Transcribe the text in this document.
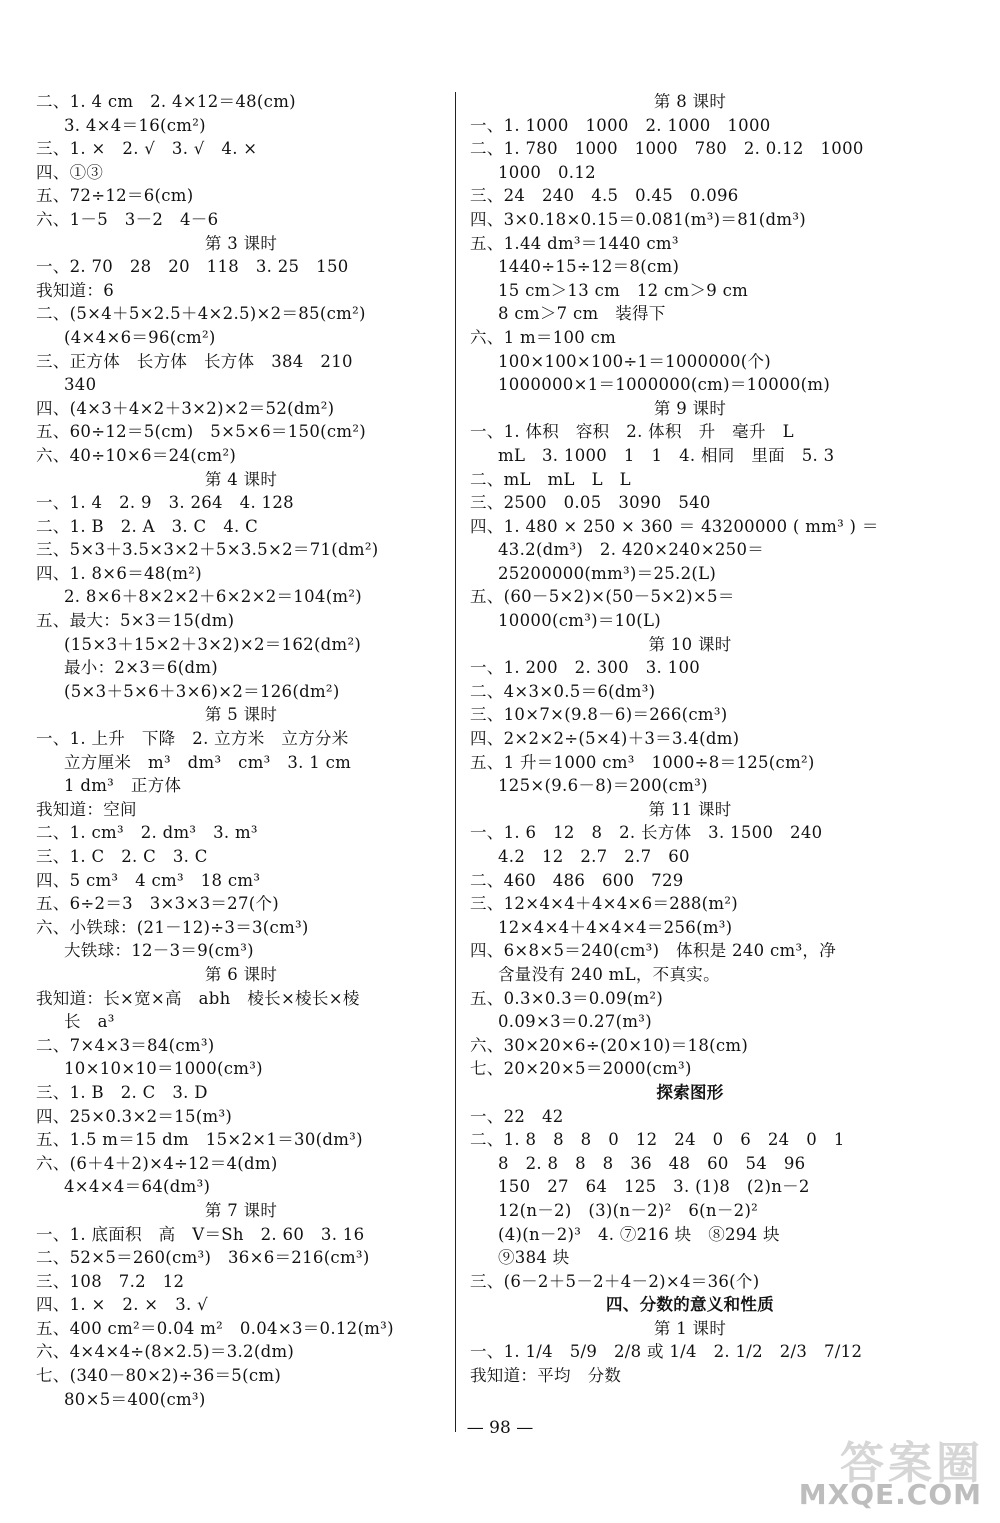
二、1. 4 cm　2. 4×12＝48(cm)
3. 4×4＝16(cm²)
三、1. ×　2. √　3. √　4. ×
四、①③
五、72÷12＝6(cm)
六、1－5　3－2　4－6
第 3 课时
一、2. 70　28　20　118　3. 25　150
我知道：6
二、(5×4＋5×2.5＋4×2.5)×2＝85(cm²)
(4×4×6＝96(cm²)
三、正方体　长方体　长方体　384　210
340
四、(4×3＋4×2＋3×2)×2＝52(dm²)
五、60÷12＝5(cm)　5×5×6＝150(cm²)
六、40÷10×6＝24(cm²)
第 4 课时
一、1. 4　2. 9　3. 264　4. 128
二、1. B　2. A　3. C　4. C
三、5×3＋3.5×3×2＋5×3.5×2＝71(dm²)
四、1. 8×6＝48(m²)
2. 8×6＋8×2×2＋6×2×2＝104(m²)
五、最大：5×3＝15(dm)
(15×3＋15×2＋3×2)×2＝162(dm²)
最小：2×3＝6(dm)
(5×3＋5×6＋3×6)×2＝126(dm²)
第 5 课时
一、1. 上升　下降　2. 立方米　立方分米
立方厘米　m³　dm³　cm³　3. 1 cm
1 dm³　正方体
我知道：空间
二、1. cm³　2. dm³　3. m³
三、1. C　2. C　3. C
四、5 cm³　4 cm³　18 cm³
五、6÷2＝3　3×3×3＝27(个)
六、小铁球：(21－12)÷3＝3(cm³)
大铁球：12－3＝9(cm³)
第 6 课时
我知道：长×宽×高　abh　棱长×棱长×棱
长　a³
二、7×4×3＝84(cm³)
10×10×10＝1000(cm³)
三、1. B　2. C　3. D
四、25×0.3×2＝15(m³)
五、1.5 m＝15 dm　15×2×1＝30(dm³)
六、(6＋4＋2)×4÷12＝4(dm)
4×4×4＝64(dm³)
第 7 课时
一、1. 底面积　高　V＝Sh　2. 60　3. 16
二、52×5＝260(cm³)　36×6＝216(cm³)
三、108　7.2　12
四、1. ×　2. ×　3. √
五、400 cm²＝0.04 m²　0.04×3＝0.12(m³)
六、4×4×4÷(8×2.5)＝3.2(dm)
七、(340－80×2)÷36＝5(cm)
80×5＝400(cm³)
第 8 课时
一、1. 1000　1000　2. 1000　1000
二、1. 780　1000　1000　780　2. 0.12　1000
1000　0.12
三、24　240　4.5　0.45　0.096
四、3×0.18×0.15＝0.081(m³)＝81(dm³)
五、1.44 dm³＝1440 cm³
1440÷15÷12＝8(cm)
15 cm＞13 cm　12 cm＞9 cm
8 cm＞7 cm　装得下
六、1 m＝100 cm
100×100×100÷1＝1000000(个)
1000000×1＝1000000(cm)＝10000(m)
第 9 课时
一、1. 体积　容积　2. 体积　升　毫升　L
mL　3. 1000　1　1　4. 相同　里面　5. 3
二、mL　mL　L　L
三、2500　0.05　3090　540
四、1. 480 × 250 × 360 ＝ 43200000 ( mm³ ) ＝
43.2(dm³)　2. 420×240×250＝
25200000(mm³)＝25.2(L)
五、(60－5×2)×(50－5×2)×5＝
10000(cm³)＝10(L)
第 10 课时
一、1. 200　2. 300　3. 100
二、4×3×0.5＝6(dm³)
三、10×7×(9.8－6)＝266(cm³)
四、2×2×2÷(5×4)＋3＝3.4(dm)
五、1 升＝1000 cm³　1000÷8＝125(cm²)
125×(9.6－8)＝200(cm³)
第 11 课时
一、1. 6　12　8　2. 长方体　3. 1500　240
4.2　12　2.7　2.7　60
二、460　486　600　729
三、12×4×4＋4×4×6＝288(m²)
12×4×4＋4×4×4＝256(m³)
四、6×8×5＝240(cm³)　体积是 240 cm³，净
含量没有 240 mL，不真实。
五、0.3×0.3＝0.09(m²)
0.09×3＝0.27(m³)
六、30×20×6÷(20×10)＝18(cm)
七、20×20×5＝2000(cm³)
探索图形
一、22　42
二、1. 8　8　8　0　12　24　0　6　24　0　1
8　2. 8　8　8　36　48　60　54　96
150　27　64　125　3. (1)8　(2)n－2
12(n－2)　(3)(n－2)²　6(n－2)²
(4)(n－2)³　4. ⑦216 块　⑧294 块
⑨384 块
三、(6－2＋5－2＋4－2)×4＝36(个)
四、分数的意义和性质
第 1 课时
一、1. 1/4　5/9　2/8 或 1/4　2. 1/2　2/3　7/12
我知道：平均　分数
— 98 —
答案圈
MXQE.COM
